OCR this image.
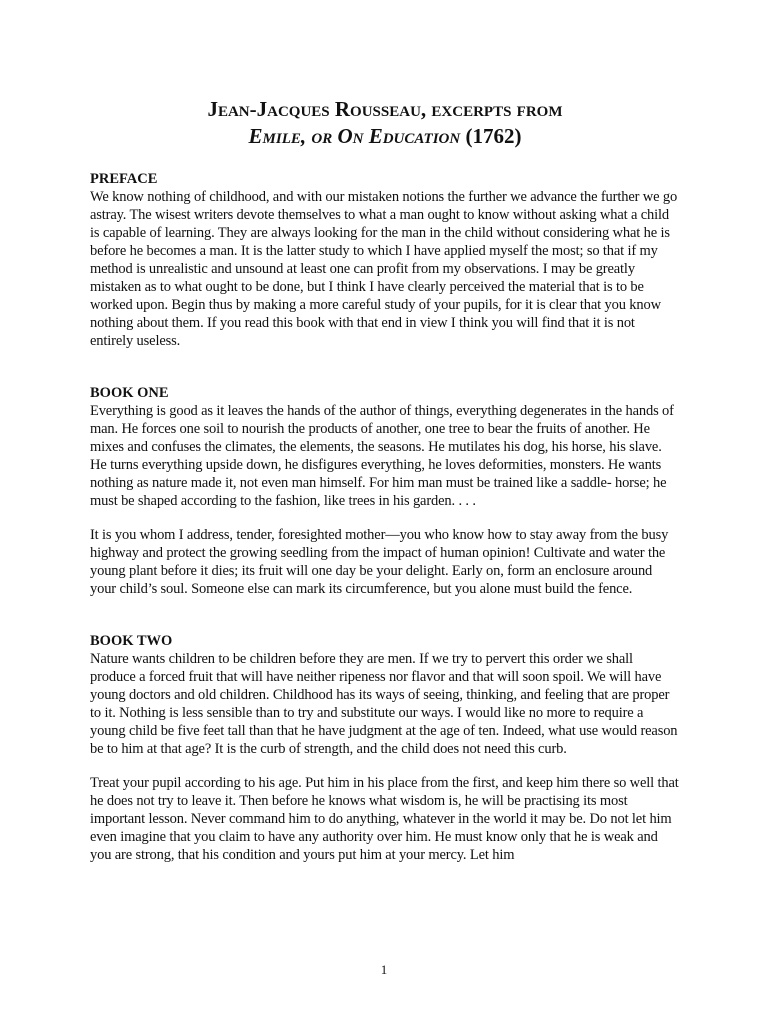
Jean-Jacques Rousseau, excerpts from
Emile, or On Education (1762)

PREFACE

We know nothing of childhood, and with our mistaken notions the further we advance the further we go astray. The wisest writers devote themselves to what a man ought to know without asking what a child is capable of learning. They are always looking for the man in the child without considering what he is before he becomes a man. It is the latter study to which I have applied myself the most; so that if my method is unrealistic and unsound at least one can profit from my observations. I may be greatly mistaken as to what ought to be done, but I think I have clearly perceived the material that is to be worked upon. Begin thus by making a more careful study of your pupils, for it is clear that you know nothing about them. If you read this book with that end in view I think you will find that it is not entirely useless.

BOOK ONE

Everything is good as it leaves the hands of the author of things, everything degenerates in the hands of man. He forces one soil to nourish the products of another, one tree to bear the fruits of another. He mixes and confuses the climates, the elements, the seasons. He mutilates his dog, his horse, his slave. He turns everything upside down, he disfigures everything, he loves deformities, monsters. He wants nothing as nature made it, not even man himself. For him man must be trained like a saddle- horse; he must be shaped according to the fashion, like trees in his garden. . . .

It is you whom I address, tender, foresighted mother—you who know how to stay away from the busy highway and protect the growing seedling from the impact of human opinion! Cultivate and water the young plant before it dies; its fruit will one day be your delight. Early on, form an enclosure around your child’s soul. Someone else can mark its circumference, but you alone must build the fence.

BOOK TWO

Nature wants children to be children before they are men. If we try to pervert this order we shall produce a forced fruit that will have neither ripeness nor flavor and that will soon spoil. We will have young doctors and old children. Childhood has its ways of seeing, thinking, and feeling that are proper to it. Nothing is less sensible than to try and substitute our ways. I would like no more to require a young child be five feet tall than that he have judgment at the age of ten. Indeed, what use would reason be to him at that age? It is the curb of strength, and the child does not need this curb.

Treat your pupil according to his age. Put him in his place from the first, and keep him there so well that he does not try to leave it. Then before he knows what wisdom is, he will be practising its most important lesson. Never command him to do anything, whatever in the world it may be. Do not let him even imagine that you claim to have any authority over him. He must know only that he is weak and you are strong, that his condition and yours put him at your mercy. Let him

1
